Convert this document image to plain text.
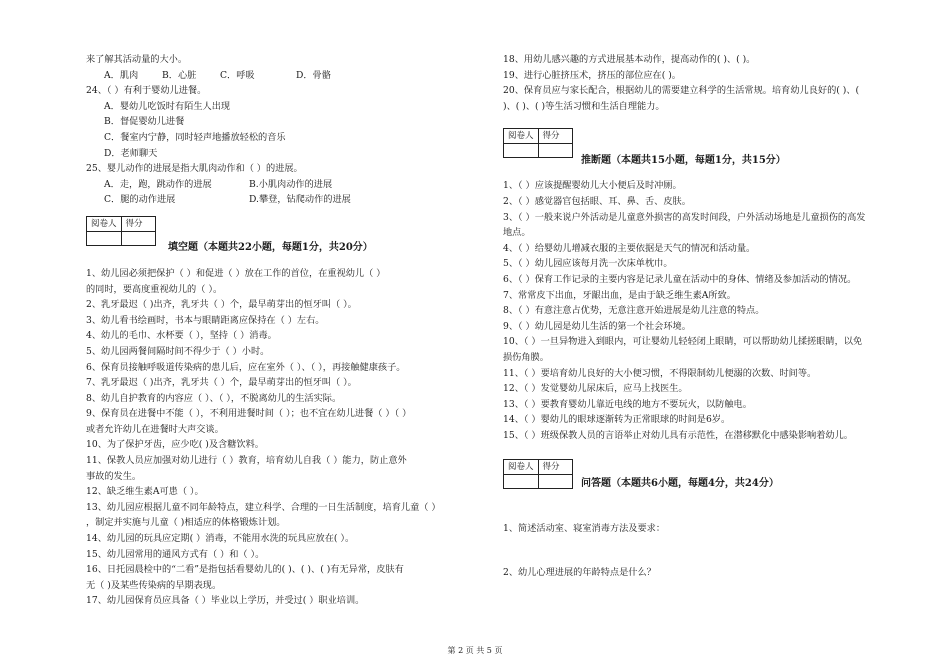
来了解其活动量的大小。
A．肌肉	B．心脏	C．呼吸	D．骨骼
24、（ ）有利于婴幼儿进餐。
A．婴幼儿吃饭时有陌生人出现
B．督促婴幼儿进餐
C．餐室内宁静，同时轻声地播放轻松的音乐
D．老师聊天
25、婴儿动作的进展是指大肌肉动作和（ ）的进展。
A．走，跑，跳动作的进展	B.小肌肉动作的进展
C．腿的动作进展	D.攀登，钻爬动作的进展
阅卷人	得分

填空题（本题共22小题，每题1分，共20分）
1、幼儿园必须把保护（ ）和促进（ ）放在工作的首位，在重视幼儿（ ）
的同时，要高度重视幼儿的（ ）。
2、乳牙最迟（ )出齐，乳牙共（ ）个，最早萌芽出的恒牙叫（ ）。
3、幼儿看书绘画时，书本与眼睛距离应保持在（ ）左右。
4、幼儿的毛巾、水杯要（ ），坚持（ ）消毒。
5、幼儿园两餐间隔时间不得少于（ ）小时。
6、保育员接触呼吸道传染病的患儿后，应在室外（ ）、（ ），再接触健康孩子。
7、乳牙最迟（ )出齐，乳牙共（ ）个，最早萌芽出的恒牙叫（ ）。
8、幼儿自护教育的内容应（ ）、（ ），不脱离幼儿的生活实际。
9、保育员在进餐中不能（ ），不利用进餐时间（ ）；也不宜在幼儿进餐（ ）（ ）
或者允许幼儿在进餐时大声交谈。
10、为了保护牙齿，应少吃( )及含糖饮料。
11、保教人员应加强对幼儿进行（ ）教育，培育幼儿自我（ ）能力，防止意外
事故的发生。
12、缺乏维生素A可患（ ）。
13、幼儿园应根据儿童不同年龄特点，建立科学、合理的一日生活制度，培育儿童（ ）
，制定并实施与儿童（ )相适应的体格锻炼计划。
14、幼儿园的玩具应定期( ）消毒，不能用水洗的玩具应放在( ）。
15、幼儿园常用的通风方式有（ ）和（ ）。
16、日托园晨检中的“二看”是指包括看婴幼儿的( )、( )、( )有无异常，皮肤有
无（ )及某些传染病的早期表现。
17、幼儿园保育员应具备（ ）毕业以上学历，并受过( ）职业培训。
18、用幼儿感兴趣的方式进展基本动作，提高动作的( )、( )。
19、进行心脏挤压术，挤压的部位应在( )。
20、保育员应与家长配合，根据幼儿的需要建立科学的生活常规。培育幼儿良好的( )、(
)、( )、( )等生活习惯和生活自理能力。
阅卷人	得分

推断题（本题共15小题，每题1分，共15分）
1、（ ）应该提醒婴幼儿大小便后及时冲厕。
2、（ ）感觉器官包括眼、耳、鼻、舌、皮肤。
3、（ ）一般来说户外活动是儿童意外损害的高发时间段，户外活动场地是儿童损伤的高发
地点。
4、（ ）给婴幼儿增减衣服的主要依据是天气的情况和活动量。
5、（ ）幼儿园应该每月洗一次床单枕巾。
6、（ ）保育工作记录的主要内容是记录儿童在活动中的身体、情绪及参加活动的情况。
7、常常皮下出血，牙龈出血，是由于缺乏维生素A所致。
8、（ ）有意注意占优势，无意注意开始进展是幼儿注意的特点。
9、（ ）幼儿园是幼儿生活的第一个社会环境。
10、（ ）一旦异物进入到眼内，可让婴幼儿轻轻闭上眼睛，可以帮助幼儿揉搓眼睛，以免
损伤角膜。
11、（ ）要培育幼儿良好的大小便习惯，不得限制幼儿便溺的次数、时间等。
12、（ ）发觉婴幼儿尿床后，应马上找医生。
13、（ ）要教育婴幼儿靠近电线的地方不要玩火，以防触电。
14、（ ）婴幼儿的眼球逐渐转为正常眼球的时间是6岁。
15、（ ）班级保教人员的言语举止对幼儿具有示范性，在潜移默化中感染影响着幼儿。
阅卷人	得分

问答题（本题共6小题，每题4分，共24分）
1、简述活动室、寝室消毒方法及要求：
2、幼儿心理进展的年龄特点是什么？
第 2 页 共 5 页
